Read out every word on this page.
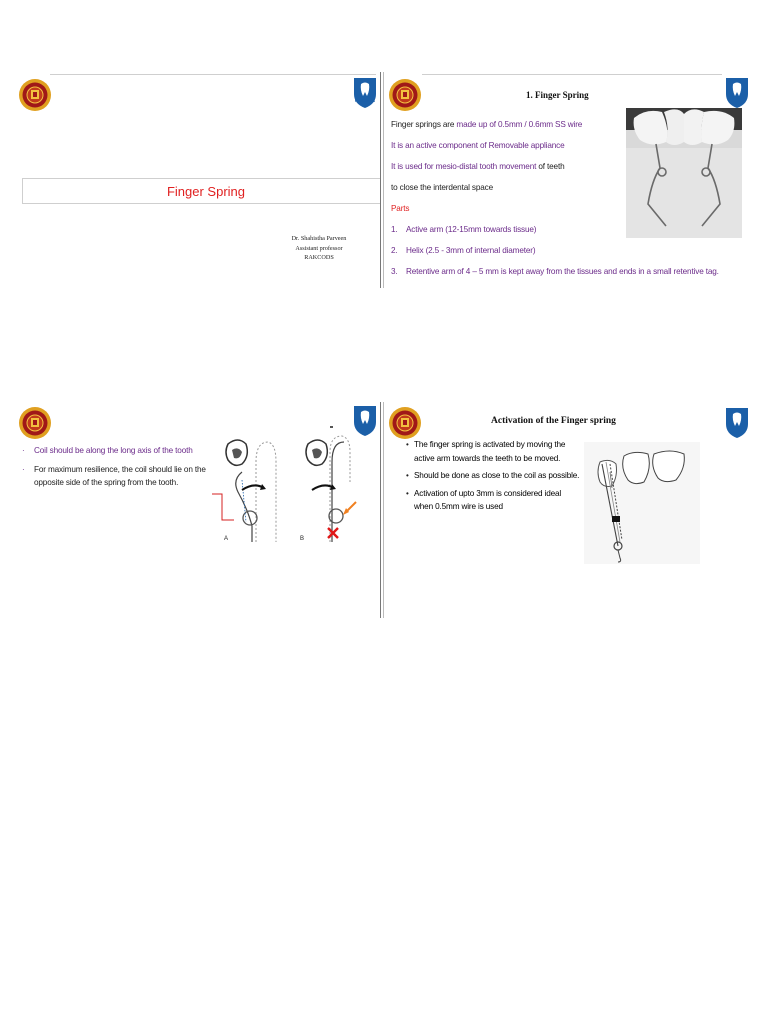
RAKCODS
Finger Spring
Dr. Shahistha Parveen
Assistant professor
RAKCODS
1. Finger Spring
Finger springs are made up of 0.5mm / 0.6mm SS wire
It is an active component of Removable appliance
It is used for mesio-distal tooth movement of teeth
to close the interdental space
Parts
1. Active arm (12-15mm towards tissue)
2. Helix (2.5 - 3mm of internal diameter)
3. Retentive arm of 4 – 5 mm is kept away from the tissues and ends in a small retentive tag.
·	Coil should be along the long axis of the tooth
·	For maximum resilience, the coil should lie on the opposite side of the spring from the tooth.
A	B
Activation of the Finger spring
• The finger spring is activated by moving the active arm towards the teeth to be moved.
• Should be done as close to the coil as possible.
• Activation of upto 3mm is considered ideal when 0.5mm wire is used
